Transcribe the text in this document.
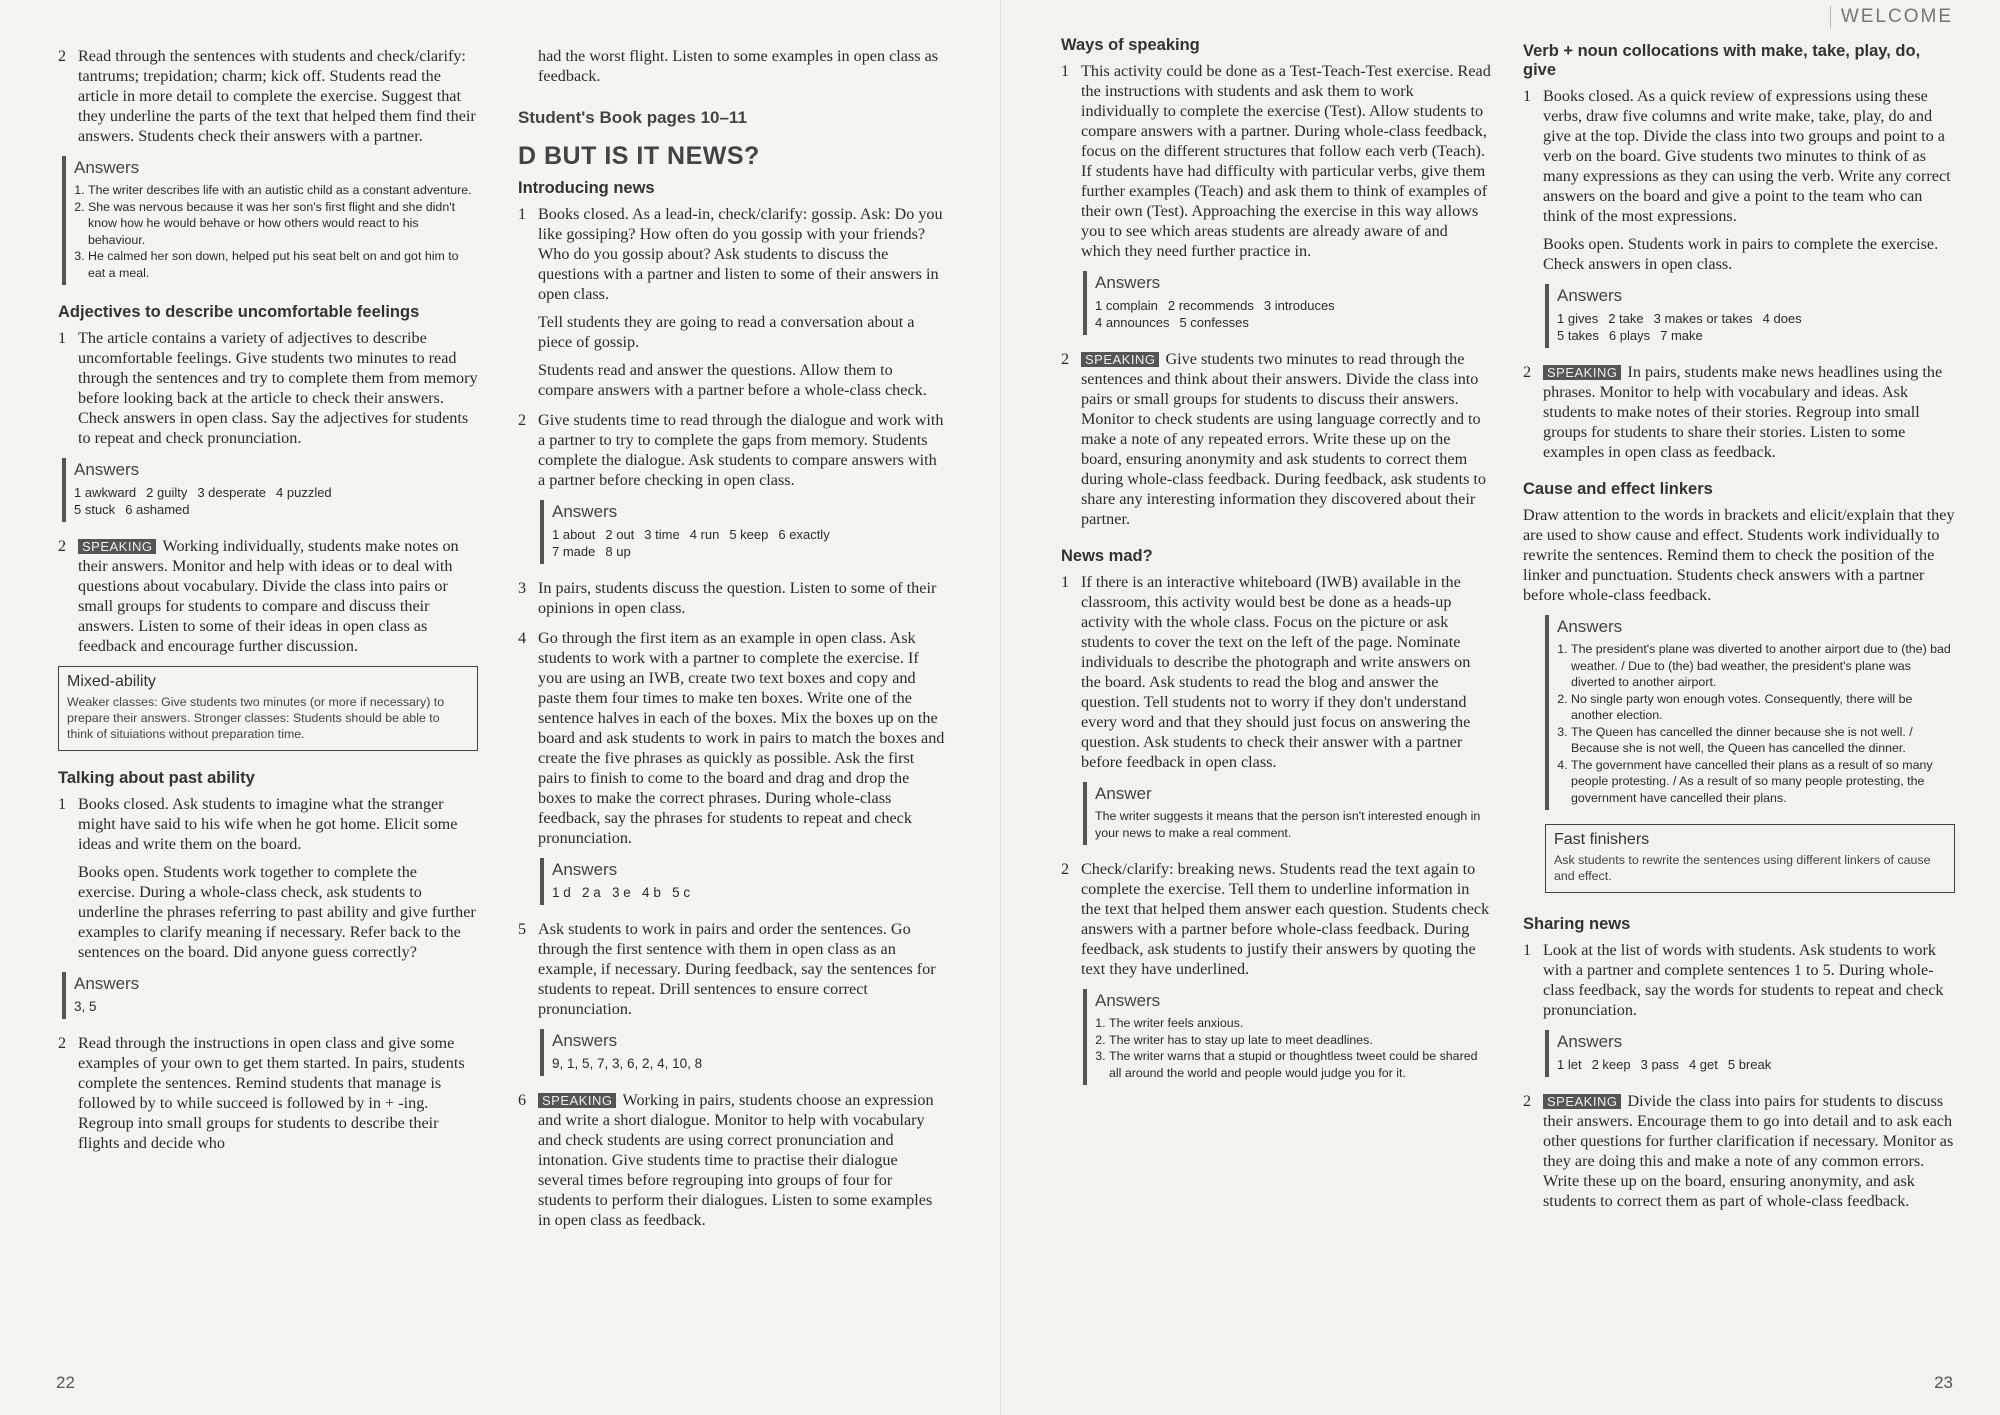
2 Read through the sentences with students and check/clarify: tantrums; trepidation; charm; kick off. Students read the article in more detail to complete the exercise. Suggest that they underline the parts of the text that helped them find their answers. Students check their answers with a partner.

Answers
1. The writer describes life with an autistic child as a constant adventure.
2. She was nervous because it was her son's first flight and she didn't know how he would behave or how others would react to his behaviour.
3. He calmed her son down, helped put his seat belt on and got him to eat a meal.
Adjectives to describe uncomfortable feelings
1 The article contains a variety of adjectives to describe uncomfortable feelings. Give students two minutes to read through the sentences and try to complete them from memory before looking back at the article to check their answers. Check answers in open class. Say the adjectives for students to repeat and check pronunciation.

Answers
1 awkward 2 guilty 3 desperate 4 puzzled
5 stuck 6 ashamed
2	SPEAKING Working individually, students make notes on their answers. Monitor and help with ideas or to deal with questions about vocabulary. Divide the class into pairs or small groups for students to compare and discuss their answers. Listen to some of their ideas in open class as feedback and encourage further discussion.

Mixed-ability
Weaker classes: Give students two minutes (or more if necessary) to prepare their answers. Stronger classes: Students should be able to think of situiations without preparation time.
Talking about past ability
1 Books closed. Ask students to imagine what the stranger might have said to his wife when he got home. Elicit some ideas and write them on the board.

Books open. Students work together to complete the exercise. During a whole-class check, ask students to underline the phrases referring to past ability and give further examples to clarify meaning if necessary. Refer back to the sentences on the board. Did anyone guess correctly?

Answers
3, 5
2 Read through the instructions in open class and give some examples of your own to get them started. In pairs, students complete the sentences. Remind students that manage is followed by to while succeed is followed by in + -ing. Regroup into small groups for students to describe their flights and decide who

had the worst flight. Listen to some examples in open class as feedback.

Student's Book pages 10–11
D BUT IS IT NEWS?
Introducing news
1 Books closed. As a lead-in, check/clarify: gossip. Ask: Do you like gossiping? How often do you gossip with your friends? Who do you gossip about? Ask students to discuss the questions with a partner and listen to some of their answers in open class.

Tell students they are going to read a conversation about a piece of gossip.

Students read and answer the questions. Allow them to compare answers with a partner before a whole-class check.

2 Give students time to read through the dialogue and work with a partner to try to complete the gaps from memory. Students complete the dialogue. Ask students to compare answers with a partner before checking in open class.

Answers
1 about 2 out 3 time 4 run 5 keep 6 exactly
7 made 8 up
3 In pairs, students discuss the question. Listen to some of their opinions in open class.

4 Go through the first item as an example in open class. Ask students to work with a partner to complete the exercise. If you are using an IWB, create two text boxes and copy and paste them four times to make ten boxes. Write one of the sentence halves in each of the boxes. Mix the boxes up on the board and ask students to work in pairs to match the boxes and create the five phrases as quickly as possible. Ask the first pairs to finish to come to the board and drag and drop the boxes to make the correct phrases. During whole-class feedback, say the phrases for students to repeat and check pronunciation.

Answers
1 d   2 a   3 e   4 b   5 c
5 Ask students to work in pairs and order the sentences. Go through the first sentence with them in open class as an example, if necessary. During feedback, say the sentences for students to repeat. Drill sentences to ensure correct pronunciation.

Answers
9, 1, 5, 7, 3, 6, 2, 4, 10, 8
6	SPEAKING Working in pairs, students choose an expression and write a short dialogue. Monitor to help with vocabulary and check students are using correct pronunciation and intonation. Give students time to practise their dialogue several times before regrouping into groups of four for students to perform their dialogues. Listen to some examples in open class as feedback.

22
WELCOME
Ways of speaking
1 This activity could be done as a Test-Teach-Test exercise. Read the instructions with students and ask them to work individually to complete the exercise (Test). Allow students to compare answers with a partner. During whole-class feedback, focus on the different structures that follow each verb (Teach). If students have had difficulty with particular verbs, give them further examples (Teach) and ask them to think of examples of their own (Test). Approaching the exercise in this way allows you to see which areas students are already aware of and which they need further practice in.

Answers
1 complain 2 recommends 3 introduces
4 announces 5 confesses
2	SPEAKING Give students two minutes to read through the sentences and think about their answers. Divide the class into pairs or small groups for students to discuss their answers. Monitor to check students are using language correctly and to make a note of any repeated errors. Write these up on the board, ensuring anonymity and ask students to correct them during whole-class feedback. During feedback, ask students to share any interesting information they discovered about their partner.

News mad?
1 If there is an interactive whiteboard (IWB) available in the classroom, this activity would best be done as a heads-up activity with the whole class. Focus on the picture or ask students to cover the text on the left of the page. Nominate individuals to describe the photograph and write answers on the board. Ask students to read the blog and answer the question. Tell students not to worry if they don't understand every word and that they should just focus on answering the question. Ask students to check their answer with a partner before feedback in open class.

Answer
The writer suggests it means that the person isn't interested enough in your news to make a real comment.
2 Check/clarify: breaking news. Students read the text again to complete the exercise. Tell them to underline information in the text that helped them answer each question. Students check answers with a partner before whole-class feedback. During feedback, ask students to justify their answers by quoting the text they have underlined.

Answers
1. The writer feels anxious.
2. The writer has to stay up late to meet deadlines.
3. The writer warns that a stupid or thoughtless tweet could be shared all around the world and people would judge you for it.
Verb + noun collocations with make, take, play, do, give
1 Books closed. As a quick review of expressions using these verbs, draw five columns and write make, take, play, do and give at the top. Divide the class into two groups and point to a verb on the board. Give students two minutes to think of as many expressions as they can using the verb. Write any correct answers on the board and give a point to the team who can think of the most expressions.

Books open. Students work in pairs to complete the exercise. Check answers in open class.

Answers
1 gives 2 take 3 makes or takes 4 does
5 takes 6 plays 7 make
2	SPEAKING In pairs, students make news headlines using the phrases. Monitor to help with vocabulary and ideas. Ask students to make notes of their stories. Regroup into small groups for students to share their stories. Listen to some examples in open class as feedback.

Cause and effect linkers

Draw attention to the words in brackets and elicit/explain that they are used to show cause and effect. Students work individually to rewrite the sentences. Remind them to check the position of the linker and punctuation. Students check answers with a partner before whole-class feedback.

Answers
1. The president's plane was diverted to another airport due to (the) bad weather. / Due to (the) bad weather, the president's plane was diverted to another airport.
2. No single party won enough votes. Consequently, there will be another election.
3. The Queen has cancelled the dinner because she is not well. / Because she is not well, the Queen has cancelled the dinner.
4. The government have cancelled their plans as a result of so many people protesting. / As a result of so many people protesting, the government have cancelled their plans.
Fast finishers
Ask students to rewrite the sentences using different linkers of cause and effect.
Sharing news
1 Look at the list of words with students. Ask students to work with a partner and complete sentences 1 to 5. During whole-class feedback, say the words for students to repeat and check pronunciation.

Answers
1 let 2 keep 3 pass 4 get 5 break
2	SPEAKING Divide the class into pairs for students to discuss their answers. Encourage them to go into detail and to ask each other questions for further clarification if necessary. Monitor as they are doing this and make a note of any common errors. Write these up on the board, ensuring anonymity, and ask students to correct them as part of whole-class feedback.

23
